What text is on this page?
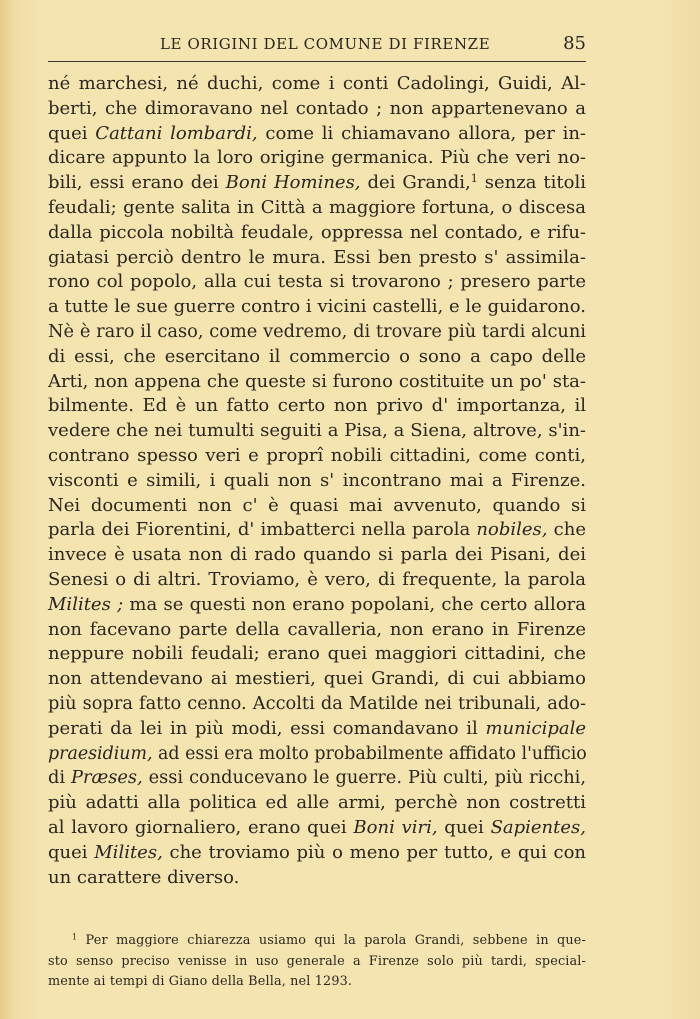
LE ORIGINI DEL COMUNE DI FIRENZE	85
né marchesi, né duchi, come i conti Cadolingi, Guidi, Al-
berti, che dimoravano nel contado ; non appartenevano a
quei Cattani lombardi, come li chiamavano allora, per in-
dicare appunto la loro origine germanica. Più che veri no-
bili, essi erano dei Boni Homines, dei Grandi,$^1$ senza titoli
feudali; gente salita in Città a maggiore fortuna, o discesa
dalla piccola nobiltà feudale, oppressa nel contado, e rifu-
giatasi perciò dentro le mura. Essi ben presto s' assimila-
rono col popolo, alla cui testa si trovarono ; presero parte
a tutte le sue guerre contro i vicini castelli, e le guidarono.
Nè è raro il caso, come vedremo, di trovare più tardi alcuni
di essi, che esercitano il commercio o sono a capo delle
Arti, non appena che queste si furono costituite un po' sta-
bilmente. Ed è un fatto certo non privo d' importanza, il
vedere che nei tumulti seguiti a Pisa, a Siena, altrove, s'in-
contrano spesso veri e proprî nobili cittadini, come conti,
visconti e simili, i quali non s' incontrano mai a Firenze.
Nei documenti non c' è quasi mai avvenuto, quando si
parla dei Fiorentini, d' imbatterci nella parola nobiles, che
invece è usata non di rado quando si parla dei Pisani, dei
Senesi o di altri. Troviamo, è vero, di frequente, la parola
Milites ; ma se questi non erano popolani, che certo allora
non facevano parte della cavalleria, non erano in Firenze
neppure nobili feudali; erano quei maggiori cittadini, che
non attendevano ai mestieri, quei Grandi, di cui abbiamo
più sopra fatto cenno. Accolti da Matilde nei tribunali, ado-
perati da lei in più modi, essi comandavano il municipale
praesidium, ad essi era molto probabilmente affidato l'ufficio
di Præses, essi conducevano le guerre. Più culti, più ricchi,
più adatti alla politica ed alle armi, perchè non costretti
al lavoro giornaliero, erano quei Boni viri, quei Sapientes,
quei Milites, che troviamo più o meno per tutto, e qui con
un carattere diverso.
$^1$ Per maggiore chiarezza usiamo qui la parola Grandi, sebbene in que-
sto senso preciso venisse in uso generale a Firenze solo più tardi, special-
mente ai tempi di Giano della Bella, nel 1293.
